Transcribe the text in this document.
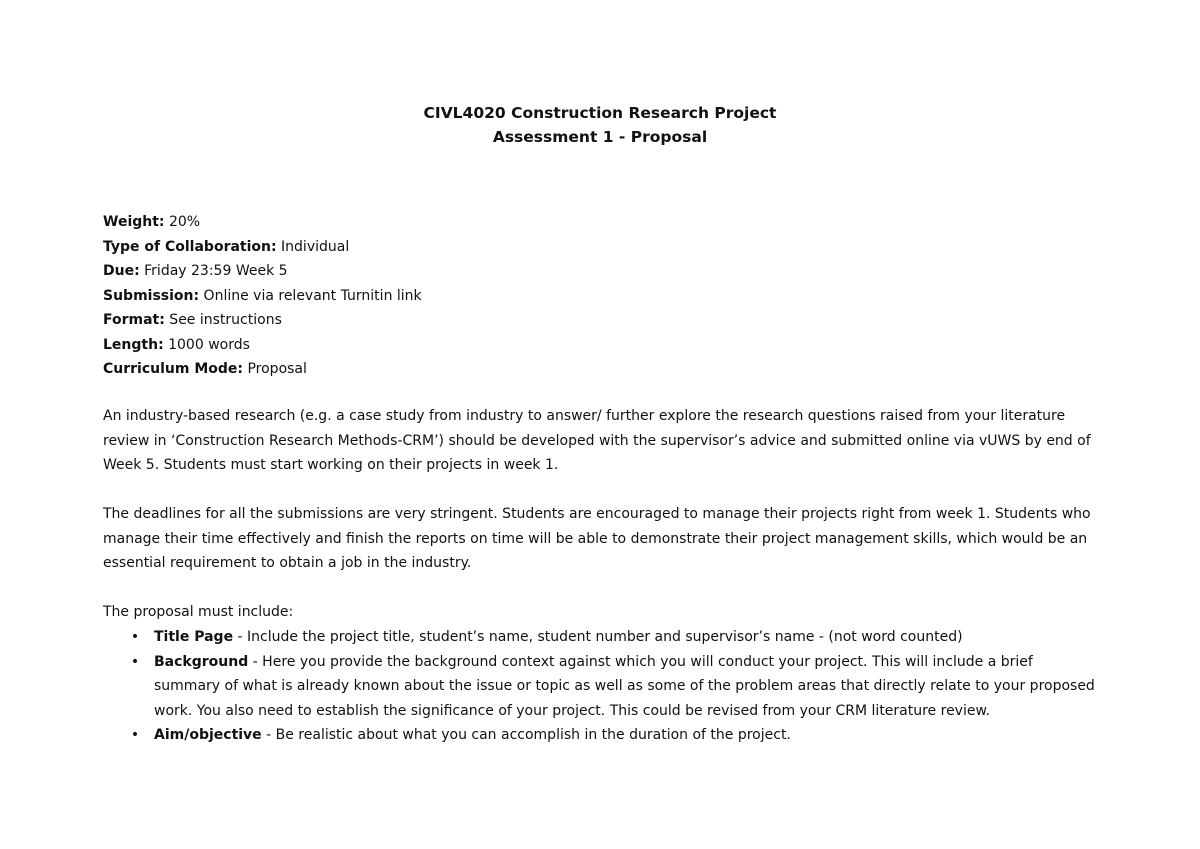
CIVL4020 Construction Research Project
Assessment 1 - Proposal
Weight: 20%
Type of Collaboration: Individual
Due: Friday 23:59 Week 5
Submission: Online via relevant Turnitin link
Format: See instructions
Length: 1000 words
Curriculum Mode: Proposal

An industry-based research (e.g. a case study from industry to answer/ further explore the research questions raised from your literature review in ‘Construction Research Methods-CRM’) should be developed with the supervisor’s advice and submitted online via vUWS by end of Week 5. Students must start working on their projects in week 1.

The deadlines for all the submissions are very stringent. Students are encouraged to manage their projects right from week 1. Students who manage their time effectively and finish the reports on time will be able to demonstrate their project management skills, which would be an essential requirement to obtain a job in the industry.

The proposal must include:

• Title Page - Include the project title, student’s name, student number and supervisor’s name - (not word counted)
• Background - Here you provide the background context against which you will conduct your project. This will include a brief summary of what is already known about the issue or topic as well as some of the problem areas that directly relate to your proposed work. You also need to establish the significance of your project. This could be revised from your CRM literature review.
• Aim/objective - Be realistic about what you can accomplish in the duration of the project.
